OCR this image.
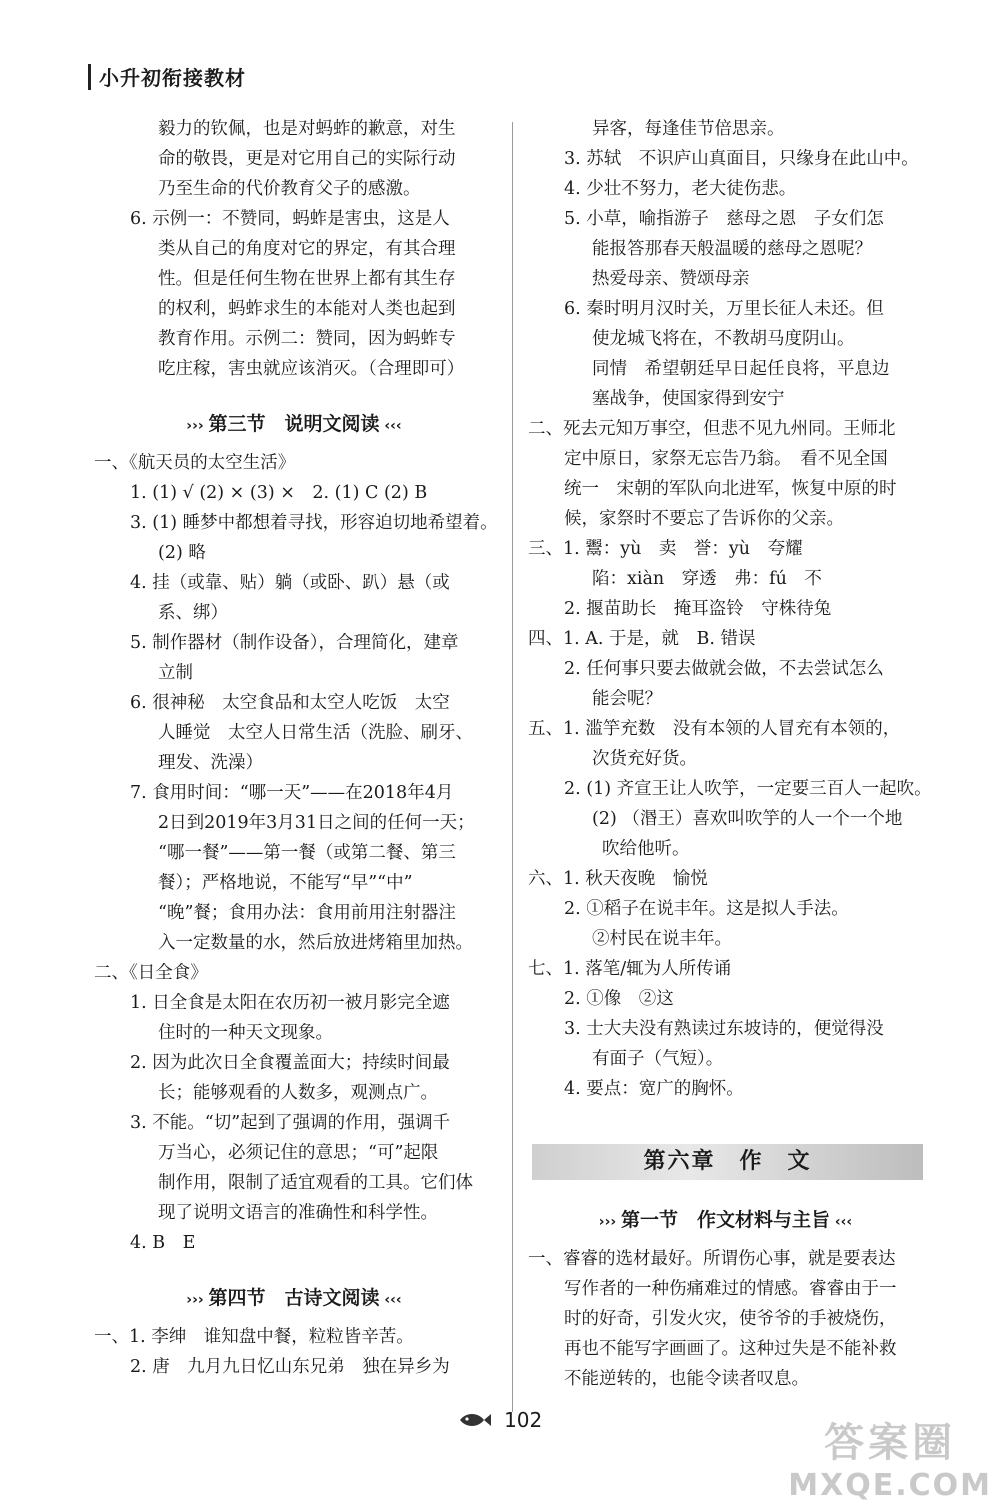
小升初衔接教材
毅力的钦佩，也是对蚂蚱的歉意，对生
命的敬畏，更是对它用自己的实际行动
乃至生命的代价教育父子的感激。
6. 示例一：不赞同，蚂蚱是害虫，这是人
类从自己的角度对它的界定，有其合理
性。但是任何生物在世界上都有其生存
的权利，蚂蚱求生的本能对人类也起到
教育作用。示例二：赞同，因为蚂蚱专
吃庄稼，害虫就应该消灭。（合理即可）
››› 第三节　说明文阅读 ‹‹‹
一、《航天员的太空生活》
1. (1) √ (2) × (3) ×　2. (1) C (2) B
3. (1) 睡梦中都想着寻找，形容迫切地希望着。
(2) 略
4. 挂（或靠、贴）躺（或卧、趴）悬（或
系、绑）
5. 制作器材（制作设备），合理简化，建章
立制
6. 很神秘　太空食品和太空人吃饭　太空
人睡觉　太空人日常生活（洗脸、刷牙、
理发、洗澡）
7. 食用时间：“哪一天”——在2018年4月
2日到2019年3月31日之间的任何一天；
“哪一餐”——第一餐（或第二餐、第三
餐）；严格地说，不能写“早”“中”
“晚”餐；食用办法：食用前用注射器注
入一定数量的水，然后放进烤箱里加热。
二、《日全食》
1. 日全食是太阳在农历初一被月影完全遮
住时的一种天文现象。
2. 因为此次日全食覆盖面大；持续时间最
长；能够观看的人数多，观测点广。
3. 不能。“切”起到了强调的作用，强调千
万当心，必须记住的意思；“可”起限
制作用，限制了适宜观看的工具。它们体
现了说明文语言的准确性和科学性。
4. B　E
››› 第四节　古诗文阅读 ‹‹‹
一、1. 李绅　谁知盘中餐，粒粒皆辛苦。
2. 唐　九月九日忆山东兄弟　独在异乡为
异客，每逢佳节倍思亲。
3. 苏轼　不识庐山真面目，只缘身在此山中。
4. 少壮不努力，老大徒伤悲。
5. 小草，喻指游子　慈母之恩　子女们怎
能报答那春天般温暖的慈母之恩呢？
热爱母亲、赞颂母亲
6. 秦时明月汉时关，万里长征人未还。但
使龙城飞将在，不教胡马度阴山。
同情　希望朝廷早日起任良将，平息边
塞战争，使国家得到安宁
二、死去元知万事空，但悲不见九州同。王师北
定中原日，家祭无忘告乃翁。　看不见全国
统一　宋朝的军队向北进军，恢复中原的时
候，家祭时不要忘了告诉你的父亲。
三、1. 鬻：yù　卖　誉：yù　夸耀
陷：xiàn　穿透　弗：fú　不
2. 揠苗助长　掩耳盗铃　守株待兔
四、1. A. 于是，就　B. 错误
2. 任何事只要去做就会做，不去尝试怎么
能会呢？
五、1. 滥竽充数　没有本领的人冒充有本领的，
次货充好货。
2. (1) 齐宣王让人吹竽，一定要三百人一起吹。
(2) （湣王）喜欢叫吹竽的人一个一个地
吹给他听。
六、1. 秋天夜晚　愉悦
2. ①稻子在说丰年。这是拟人手法。
②村民在说丰年。
七、1. 落笔/辄为人所传诵
2. ①像　②这
3. 士大夫没有熟读过东坡诗的，便觉得没
有面子（气短）。
4. 要点：宽广的胸怀。
第六章　作　文
››› 第一节　作文材料与主旨 ‹‹‹
一、睿睿的选材最好。所谓伤心事，就是要表达
写作者的一种伤痛难过的情感。睿睿由于一
时的好奇，引发火灾，使爷爷的手被烧伤，
再也不能写字画画了。这种过失是不能补救
不能逆转的，也能令读者叹息。
102	答案圈
MXQE.COM
